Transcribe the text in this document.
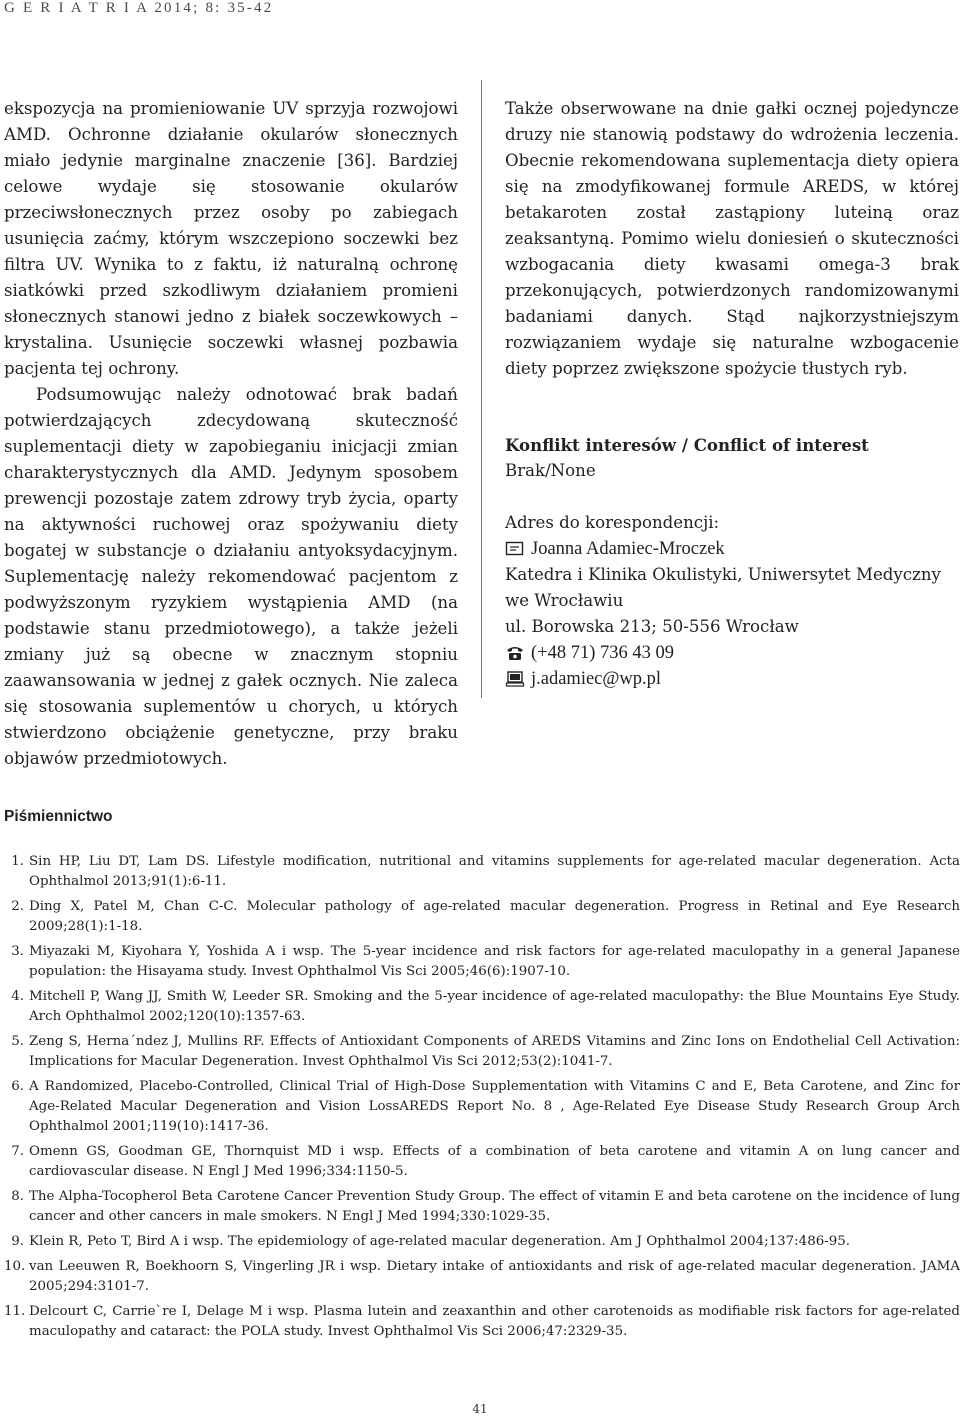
G E R I A T R I A 2014; 8: 35-42

ekspozycja na promieniowanie UV sprzyja rozwojowi AMD. Ochronne działanie okularów słonecznych miało jedynie marginalne znaczenie [36]. Bardziej celowe wydaje się stosowanie okularów przeciwsłonecznych przez osoby po zabiegach usunięcia zaćmy, którym wszczepiono soczewki bez filtra UV. Wynika to z faktu, iż naturalną ochronę siatkówki przed szkodliwym działaniem promieni słonecznych stanowi jedno z białek soczewkowych – krystalina. Usunięcie soczewki własnej pozbawia pacjenta tej ochrony.

Podsumowując należy odnotować brak badań potwierdzających zdecydowaną skuteczność suplementacji diety w zapobieganiu inicjacji zmian charakterystycznych dla AMD. Jedynym sposobem prewencji pozostaje zatem zdrowy tryb życia, oparty na aktywności ruchowej oraz spożywaniu diety bogatej w substancje o działaniu antyoksydacyjnym. Suplementację należy rekomendować pacjentom z podwyższonym ryzykiem wystąpienia AMD (na podstawie stanu przedmiotowego), a także jeżeli zmiany już są obecne w znacznym stopniu zaawansowania w jednej z gałek ocznych. Nie zaleca się stosowania suplementów u chorych, u których stwierdzono obciążenie genetyczne, przy braku objawów przedmiotowych.

Także obserwowane na dnie gałki ocznej pojedyncze druzy nie stanowią podstawy do wdrożenia leczenia. Obecnie rekomendowana suplementacja diety opiera się na zmodyfikowanej formule AREDS, w której betakaroten został zastąpiony luteiną oraz zeaksantyną. Pomimo wielu doniesień o skuteczności wzbogacania diety kwasami omega-3 brak przekonujących, potwierdzonych randomizowanymi badaniami danych. Stąd najkorzystniejszym rozwiązaniem wydaje się naturalne wzbogacenie diety poprzez zwiększone spożycie tłustych ryb.

Konflikt interesów / Conflict of interest

Brak/None

Adres do korespondencji:

Joanna Adamiec-Mroczek

Katedra i Klinika Okulistyki, Uniwersytet Medyczny

we Wrocławiu

ul. Borowska 213; 50-556 Wrocław

(+48 71) 736 43 09
j.adamiec@wp.pl
Piśmiennictwo
1. Sin HP, Liu DT, Lam DS. Lifestyle modification, nutritional and vitamins supplements for age-related macular degeneration. Acta Ophthalmol 2013;91(1):6-11.
2. Ding X, Patel M, Chan C-C. Molecular pathology of age-related macular degeneration. Progress in Retinal and Eye Research 2009;28(1):1-18.
3. Miyazaki M, Kiyohara Y, Yoshida A i wsp. The 5-year incidence and risk factors for age-related maculopathy in a general Japanese population: the Hisayama study. Invest Ophthalmol Vis Sci 2005;46(6):1907-10.
4. Mitchell P, Wang JJ, Smith W, Leeder SR. Smoking and the 5-year incidence of age-related maculopathy: the Blue Mountains Eye Study. Arch Ophthalmol 2002;120(10):1357-63.
5. Zeng S, Herna´ndez J, Mullins RF. Effects of Antioxidant Components of AREDS Vitamins and Zinc Ions on Endothelial Cell Activation: Implications for Macular Degeneration. Invest Ophthalmol Vis Sci 2012;53(2):1041-7.
6. A Randomized, Placebo-Controlled, Clinical Trial of High-Dose Supplementation with Vitamins C and E, Beta Carotene, and Zinc for Age-Related Macular Degeneration and Vision LossAREDS Report No. 8 , Age-Related Eye Disease Study Research Group Arch Ophthalmol 2001;119(10):1417-36.
7. Omenn GS, Goodman GE, Thornquist MD i wsp. Effects of a combination of beta carotene and vitamin A on lung cancer and cardiovascular disease. N Engl J Med 1996;334:1150-5.
8. The Alpha-Tocopherol Beta Carotene Cancer Prevention Study Group. The effect of vitamin E and beta carotene on the incidence of lung cancer and other cancers in male smokers. N Engl J Med 1994;330:1029-35.
9. Klein R, Peto T, Bird A i wsp. The epidemiology of age-related macular degeneration. Am J Ophthalmol 2004;137:486-95.
10. van Leeuwen R, Boekhoorn S, Vingerling JR i wsp. Dietary intake of antioxidants and risk of age-related macular degeneration. JAMA 2005;294:3101-7.
11. Delcourt C, Carrie`re I, Delage M i wsp. Plasma lutein and zeaxanthin and other carotenoids as modifiable risk factors for age-related maculopathy and cataract: the POLA study. Invest Ophthalmol Vis Sci 2006;47:2329-35.
41
